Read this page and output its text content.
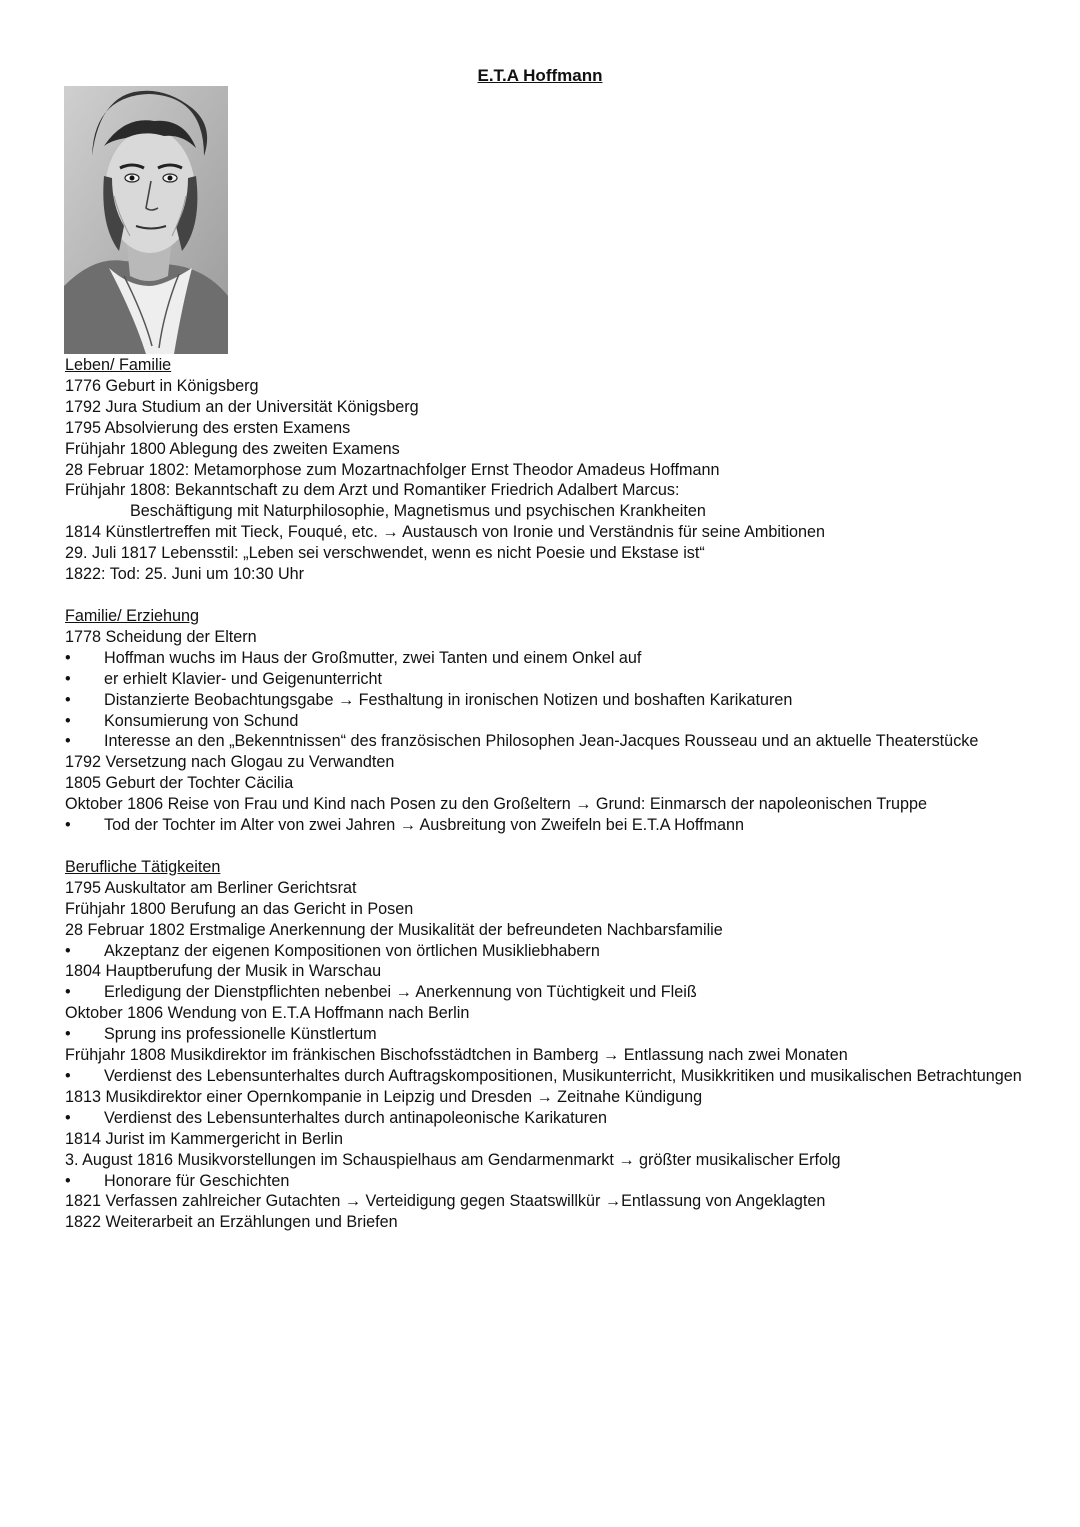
E.T.A Hoffmann
Leben/ Familie
1776 Geburt in Königsberg
1792 Jura Studium an der Universität Königsberg
1795 Absolvierung des ersten Examens
Frühjahr 1800 Ablegung des zweiten Examens
28 Februar 1802: Metamorphose zum Mozartnachfolger Ernst Theodor Amadeus Hoffmann
Frühjahr 1808: Bekanntschaft zu dem Arzt und Romantiker Friedrich Adalbert Marcus:
Beschäftigung mit Naturphilosophie, Magnetismus und psychischen Krankheiten
1814 Künstlertreffen mit Tieck, Fouqué, etc. → Austausch von Ironie und Verständnis für seine Ambitionen
29. Juli 1817 Lebensstil: „Leben sei verschwendet, wenn es nicht Poesie und Ekstase ist“
1822: Tod: 25. Juni um 10:30 Uhr
Familie/ Erziehung
1778 Scheidung der Eltern
• Hoffman wuchs im Haus der Großmutter, zwei Tanten und einem Onkel auf
• er erhielt Klavier- und Geigenunterricht
• Distanzierte Beobachtungsgabe → Festhaltung in ironischen Notizen und boshaften Karikaturen
• Konsumierung von Schund
• Interesse an den „Bekenntnissen“ des französischen Philosophen Jean-Jacques Rousseau und an aktuelle Theaterstücke
1792 Versetzung nach Glogau zu Verwandten
1805 Geburt der Tochter Cäcilia
Oktober 1806 Reise von Frau und Kind nach Posen zu den Großeltern → Grund: Einmarsch der napoleonischen Truppe
• Tod der Tochter im Alter von zwei Jahren → Ausbreitung von Zweifeln bei E.T.A Hoffmann
Berufliche Tätigkeiten
1795 Auskultator am Berliner Gerichtsrat
Frühjahr 1800 Berufung an das Gericht in Posen
28 Februar 1802 Erstmalige Anerkennung der Musikalität der befreundeten Nachbarsfamilie
• Akzeptanz der eigenen Kompositionen von örtlichen Musikliebhabern
1804 Hauptberufung der Musik in Warschau
• Erledigung der Dienstpflichten nebenbei → Anerkennung von Tüchtigkeit und Fleiß
Oktober 1806 Wendung von E.T.A Hoffmann nach Berlin
• Sprung ins professionelle Künstlertum
Frühjahr 1808 Musikdirektor im fränkischen Bischofsstädtchen in Bamberg → Entlassung nach zwei Monaten
• Verdienst des Lebensunterhaltes durch Auftragskompositionen, Musikunterricht, Musikkritiken und musikalischen Betrachtungen
1813 Musikdirektor einer Opernkompanie in Leipzig und Dresden → Zeitnahe Kündigung
• Verdienst des Lebensunterhaltes durch antinapoleonische Karikaturen
1814 Jurist im Kammergericht in Berlin
3. August 1816 Musikvorstellungen im Schauspielhaus am Gendarmenmarkt → größter musikalischer Erfolg
• Honorare für Geschichten
1821 Verfassen zahlreicher Gutachten → Verteidigung gegen Staatswillkür →Entlassung von Angeklagten
1822 Weiterarbeit an Erzählungen und Briefen
